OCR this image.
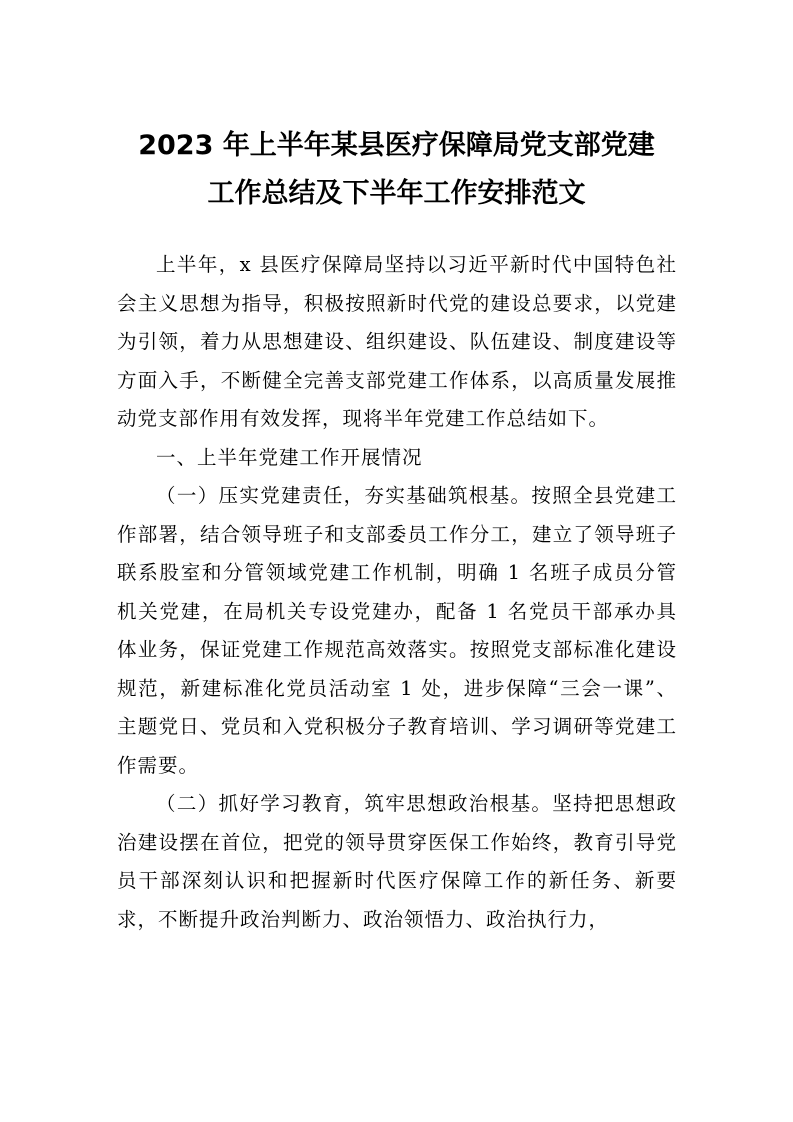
2023 年上半年某县医疗保障局党支部党建
工作总结及下半年工作安排范文

上半年，x 县医疗保障局坚持以习近平新时代中国特色社会主义思想为指导，积极按照新时代党的建设总要求，以党建为引领，着力从思想建设、组织建设、队伍建设、制度建设等方面入手，不断健全完善支部党建工作体系，以高质量发展推动党支部作用有效发挥，现将半年党建工作总结如下。

一、上半年党建工作开展情况

（一）压实党建责任，夯实基础筑根基。按照全县党建工作部署，结合领导班子和支部委员工作分工，建立了领导班子联系股室和分管领域党建工作机制，明确 1 名班子成员分管机关党建，在局机关专设党建办，配备 1 名党员干部承办具体业务，保证党建工作规范高效落实。按照党支部标准化建设规范，新建标准化党员活动室 1 处，进步保障“三会一课”、主题党日、党员和入党积极分子教育培训、学习调研等党建工作需要。

（二）抓好学习教育，筑牢思想政治根基。坚持把思想政治建设摆在首位，把党的领导贯穿医保工作始终，教育引导党员干部深刻认识和把握新时代医疗保障工作的新任务、新要求，不断提升政治判断力、政治领悟力、政治执行力，
